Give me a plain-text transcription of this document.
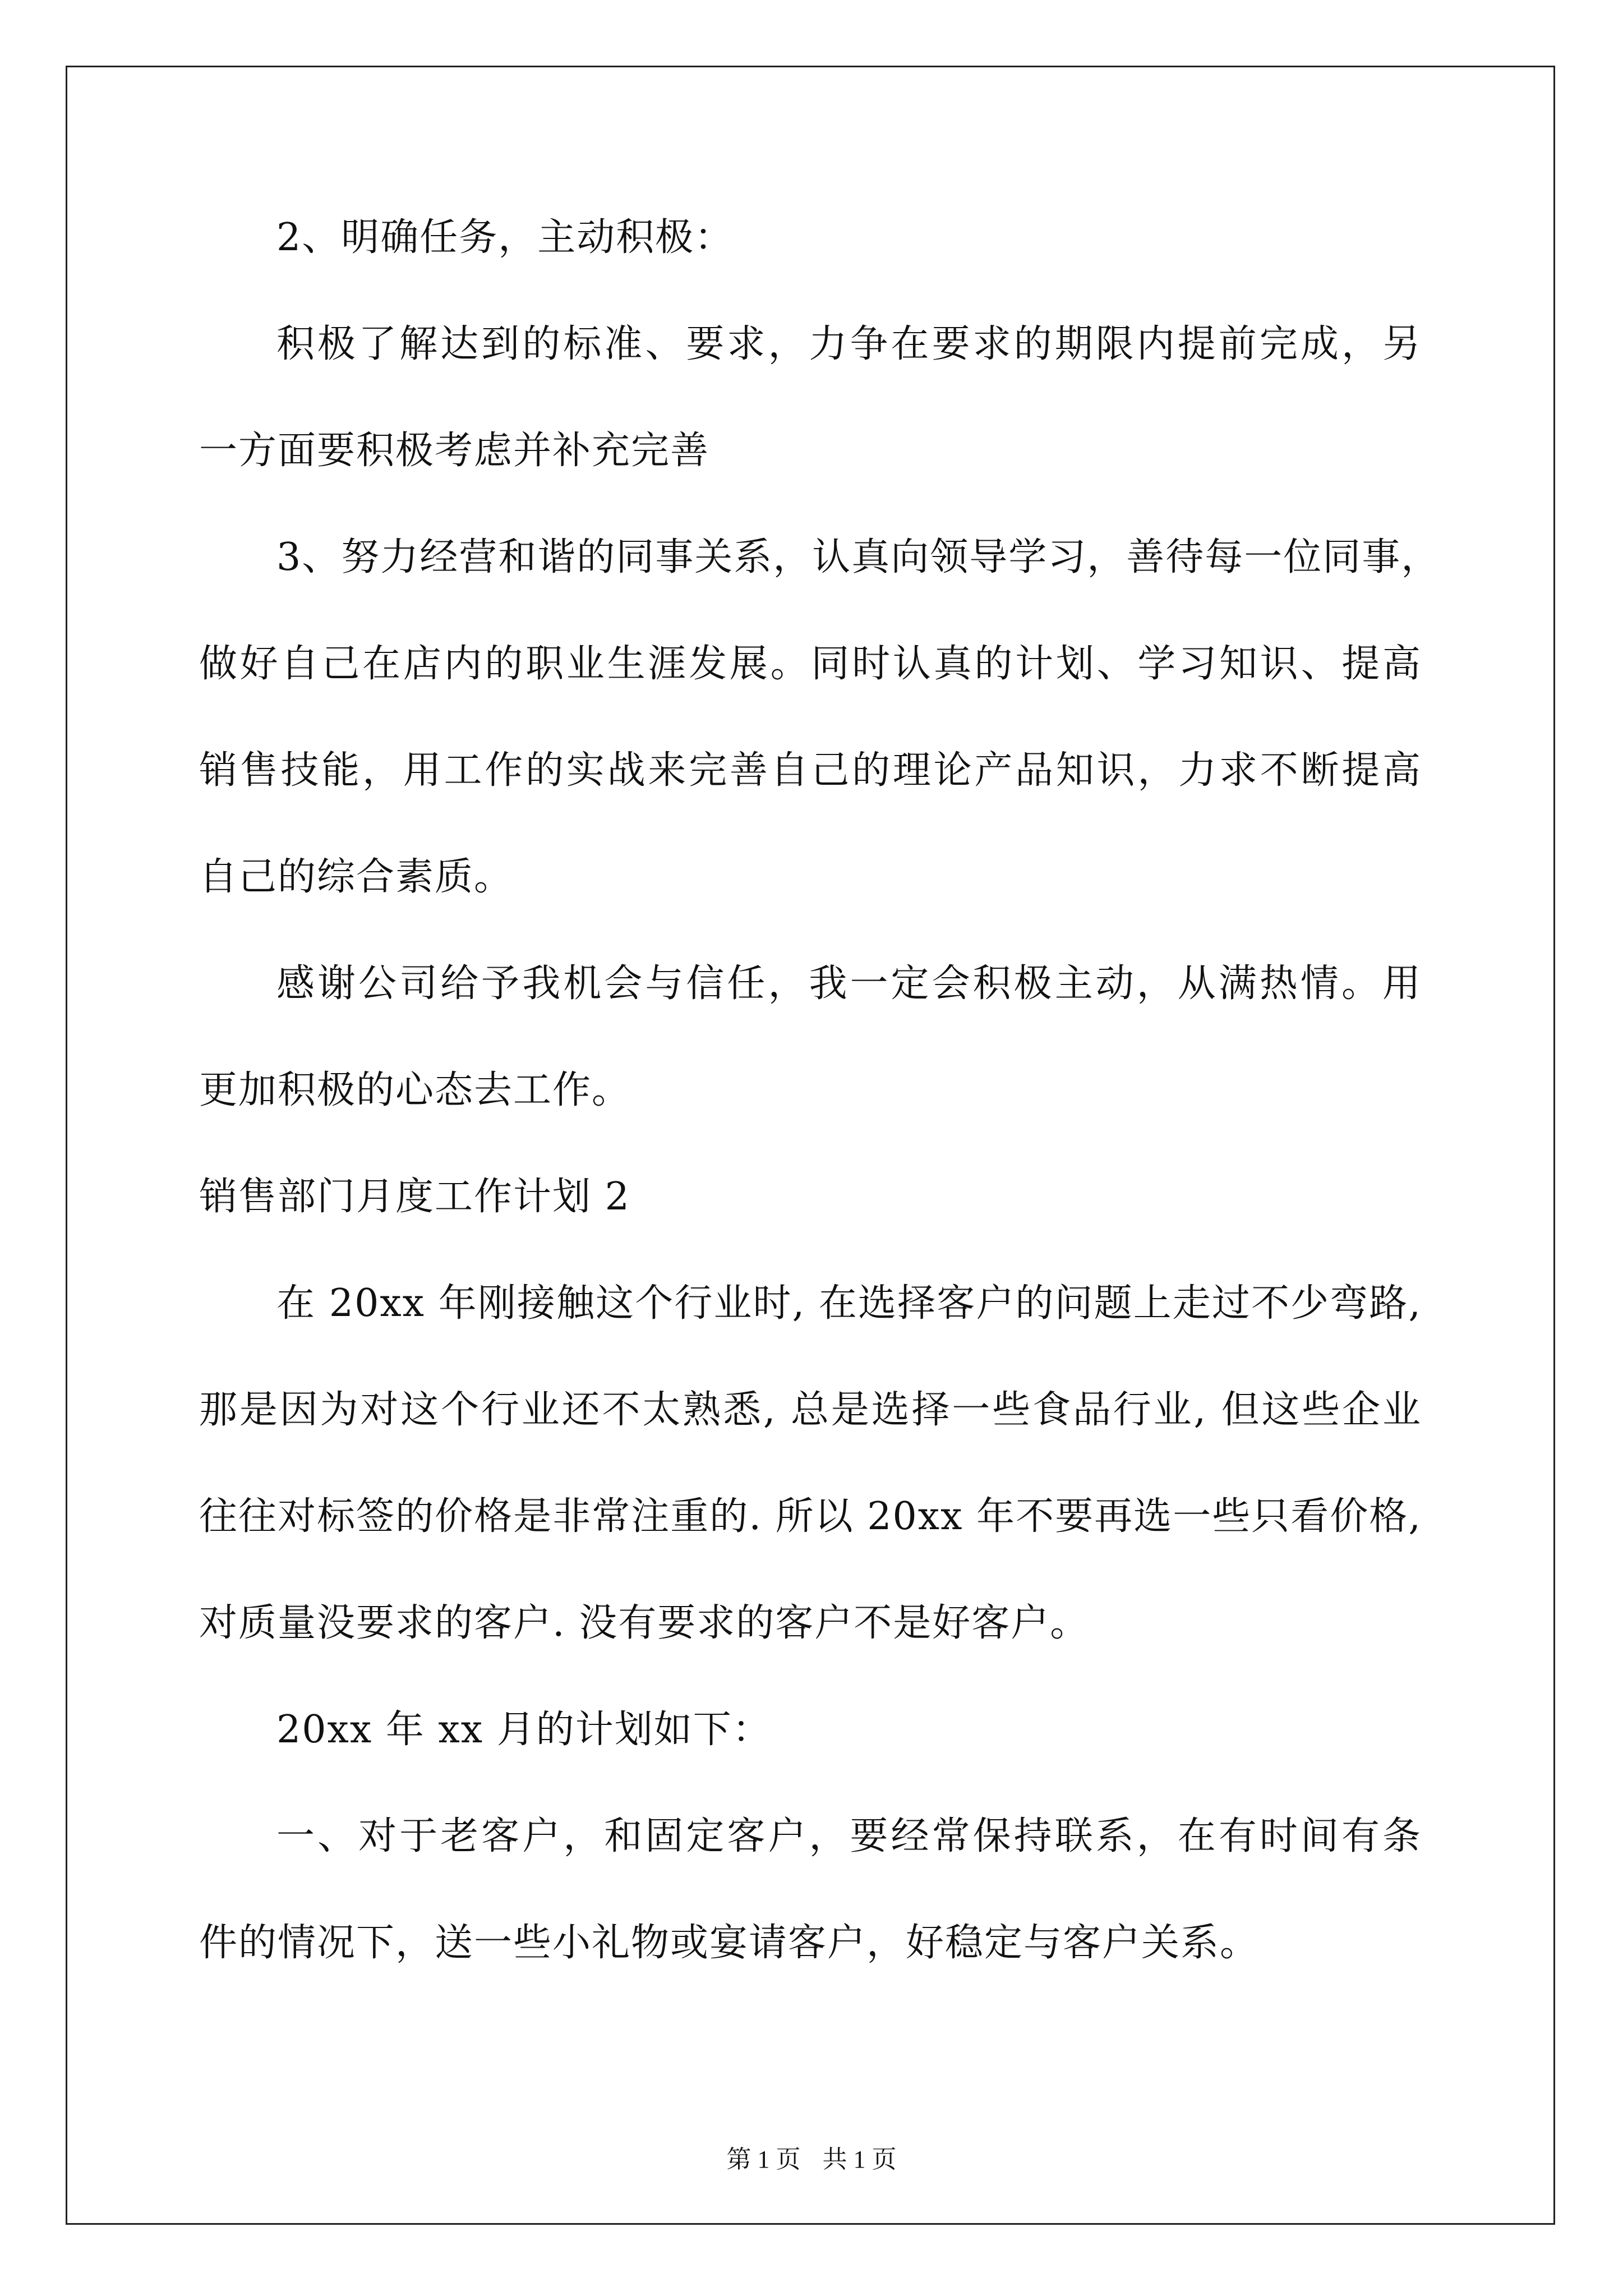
2、明确任务，主动积极：

积极了解达到的标准、要求，力争在要求的期限内提前完成，另

一方面要积极考虑并补充完善

3、努力经营和谐的同事关系，认真向领导学习，善待每一位同事，

做好自己在店内的职业生涯发展。同时认真的计划、学习知识、提高

销售技能，用工作的实战来完善自己的理论产品知识，力求不断提高

自己的综合素质。

感谢公司给予我机会与信任，我一定会积极主动，从满热情。用

更加积极的心态去工作。

销售部门月度工作计划 2

在 20xx 年刚接触这个行业时, 在选择客户的问题上走过不少弯路,

那是因为对这个行业还不太熟悉, 总是选择一些食品行业, 但这些企业

往往对标签的价格是非常注重的. 所以 20xx 年不要再选一些只看价格,

对质量没要求的客户. 没有要求的客户不是好客户。

20xx 年 xx 月的计划如下：

一、对于老客户，和固定客户，要经常保持联系，在有时间有条

件的情况下，送一些小礼物或宴请客户，好稳定与客户关系。

第 1 页 共 1 页
